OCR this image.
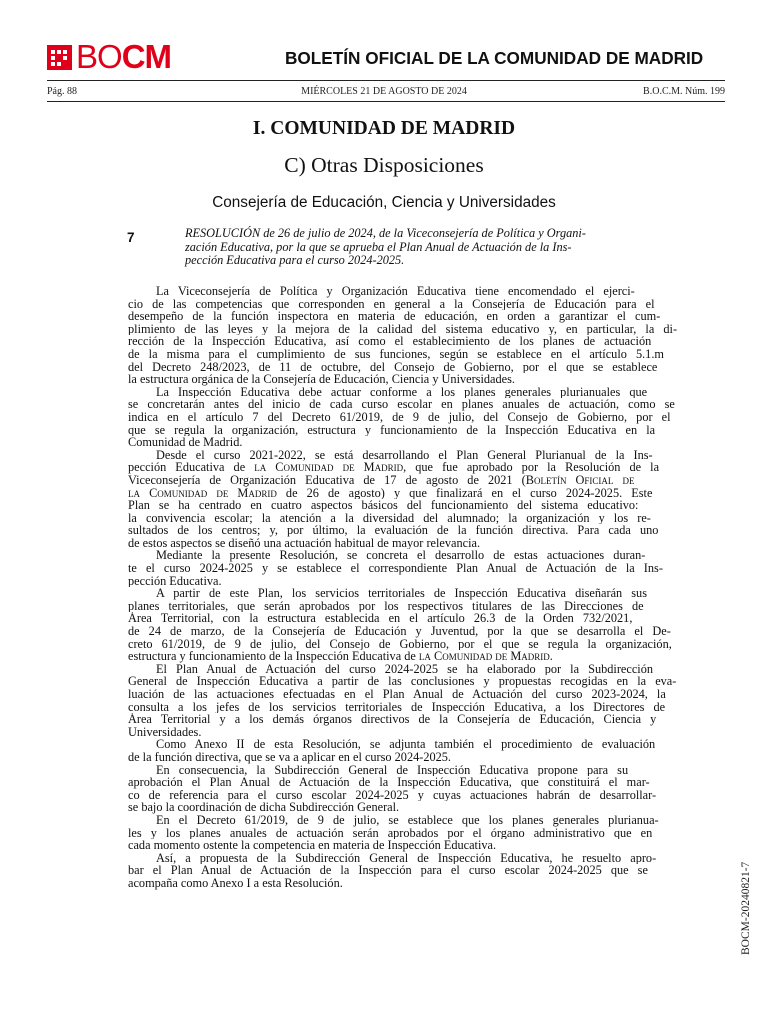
BOCM	BOLETÍN OFICIAL DE LA COMUNIDAD DE MADRID
Pág. 88	MIÉRCOLES 21 DE AGOSTO DE 2024	B.O.C.M. Núm. 199
I. COMUNIDAD DE MADRID
C) Otras Disposiciones
Consejería de Educación, Ciencia y Universidades
7	RESOLUCIÓN de 26 de julio de 2024, de la Viceconsejería de Política y Organi-
zación Educativa, por la que se aprueba el Plan Anual de Actuación de la Ins-
pección Educativa para el curso 2024-2025.
La Viceconsejería de Política y Organización Educativa tiene encomendado el ejerci-
cio de las competencias que corresponden en general a la Consejería de Educación para el
desempeño de la función inspectora en materia de educación, en orden a garantizar el cum-
plimiento de las leyes y la mejora de la calidad del sistema educativo y, en particular, la di-
rección de la Inspección Educativa, así como el establecimiento de los planes de actuación
de la misma para el cumplimiento de sus funciones, según se establece en el artículo 5.1.m
del Decreto 248/2023, de 11 de octubre, del Consejo de Gobierno, por el que se establece
la estructura orgánica de la Consejería de Educación, Ciencia y Universidades.
La Inspección Educativa debe actuar conforme a los planes generales plurianuales que
se concretarán antes del inicio de cada curso escolar en planes anuales de actuación, como se
indica en el artículo 7 del Decreto 61/2019, de 9 de julio, del Consejo de Gobierno, por el
que se regula la organización, estructura y funcionamiento de la Inspección Educativa en la
Comunidad de Madrid.
Desde el curso 2021-2022, se está desarrollando el Plan General Plurianual de la Ins-
pección Educativa de la Comunidad de Madrid, que fue aprobado por la Resolución de la
Viceconsejería de Organización Educativa de 17 de agosto de 2021 (Boletín Oficial de
la Comunidad de Madrid de 26 de agosto) y que finalizará en el curso 2024-2025. Este
Plan se ha centrado en cuatro aspectos básicos del funcionamiento del sistema educativo:
la convivencia escolar; la atención a la diversidad del alumnado; la organización y los re-
sultados de los centros; y, por último, la evaluación de la función directiva. Para cada uno
de estos aspectos se diseñó una actuación habitual de mayor relevancia.
Mediante la presente Resolución, se concreta el desarrollo de estas actuaciones duran-
te el curso 2024-2025 y se establece el correspondiente Plan Anual de Actuación de la Ins-
pección Educativa.
A partir de este Plan, los servicios territoriales de Inspección Educativa diseñarán sus
planes territoriales, que serán aprobados por los respectivos titulares de las Direcciones de
Área Territorial, con la estructura establecida en el artículo 26.3 de la Orden 732/2021,
de 24 de marzo, de la Consejería de Educación y Juventud, por la que se desarrolla el De-
creto 61/2019, de 9 de julio, del Consejo de Gobierno, por el que se regula la organización,
estructura y funcionamiento de la Inspección Educativa de la Comunidad de Madrid.
El Plan Anual de Actuación del curso 2024-2025 se ha elaborado por la Subdirección
General de Inspección Educativa a partir de las conclusiones y propuestas recogidas en la eva-
luación de las actuaciones efectuadas en el Plan Anual de Actuación del curso 2023-2024, la
consulta a los jefes de los servicios territoriales de Inspección Educativa, a los Directores de
Área Territorial y a los demás órganos directivos de la Consejería de Educación, Ciencia y
Universidades.
Como Anexo II de esta Resolución, se adjunta también el procedimiento de evaluación
de la función directiva, que se va a aplicar en el curso 2024-2025.
En consecuencia, la Subdirección General de Inspección Educativa propone para su
aprobación el Plan Anual de Actuación de la Inspección Educativa, que constituirá el mar-
co de referencia para el curso escolar 2024-2025 y cuyas actuaciones habrán de desarrollar-
se bajo la coordinación de dicha Subdirección General.
En el Decreto 61/2019, de 9 de julio, se establece que los planes generales plurianua-
les y los planes anuales de actuación serán aprobados por el órgano administrativo que en
cada momento ostente la competencia en materia de Inspección Educativa.
Así, a propuesta de la Subdirección General de Inspección Educativa, he resuelto apro-
bar el Plan Anual de Actuación de la Inspección para el curso escolar 2024-2025 que se
acompaña como Anexo I a esta Resolución.	BOCM-20240821-7
